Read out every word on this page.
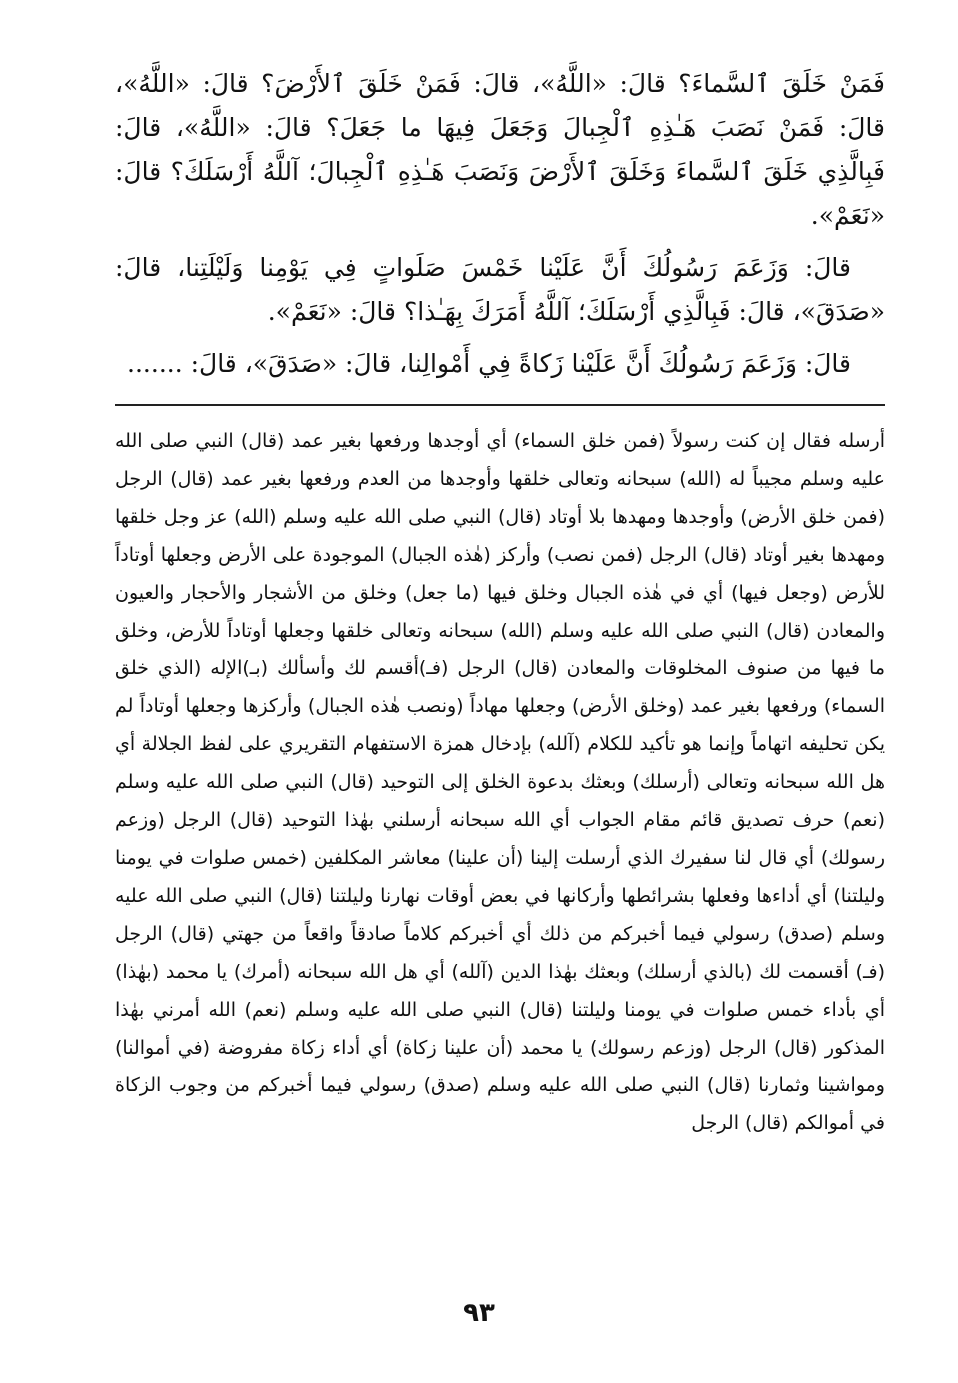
فَمَنْ خَلَقَ ٱلسَّماءَ؟ قالَ: «اللَّهُ»، قالَ: فَمَنْ خَلَقَ ٱلأَرْضَ؟ قالَ: «اللَّهُ»، قالَ: فَمَنْ نَصَبَ هَـٰذِهِ ٱلْجِبالَ وَجَعَلَ فِيهَا ما جَعَلَ؟ قالَ: «اللَّهُ»، قالَ: فَبِالَّذِي خَلَقَ ٱلسَّماءَ وَخَلَقَ ٱلأَرْضَ وَنَصَبَ هَـٰذِهِ ٱلْجِبالَ؛ آللَّهُ أَرْسَلَكَ؟ قالَ: «نَعَمْ».

قالَ: وَزَعَمَ رَسُولُكَ أَنَّ عَلَيْنا خَمْسَ صَلَواتٍ فِي يَوْمِنا وَلَيْلَتِنا، قالَ: «صَدَقَ»، قالَ: فَبِالَّذِي أَرْسَلَكَ؛ آللَّهُ أَمَرَكَ بِهَـٰذا؟ قالَ: «نَعَمْ».

قالَ: وَزَعَمَ رَسُولُكَ أَنَّ عَلَيْنا زَكاةً فِي أَمْوالِنا، قالَ: «صَدَقَ»، قالَ: .......

أرسله فقال إن كنت رسولاً (فمن خلق السماء) أي أوجدها ورفعها بغير عمد (قال) النبي صلى الله عليه وسلم مجيباً له (الله) سبحانه وتعالى خلقها وأوجدها من العدم ورفعها بغير عمد (قال) الرجل (فمن خلق الأرض) وأوجدها ومهدها بلا أوتاد (قال) النبي صلى الله عليه وسلم (الله) عز وجل خلقها ومهدها بغير أوتاد (قال) الرجل (فمن نصب) وأركز (هٰذه الجبال) الموجودة على الأرض وجعلها أوتاداً للأرض (وجعل فيها) أي في هٰذه الجبال وخلق فيها (ما جعل) وخلق من الأشجار والأحجار والعيون والمعادن (قال) النبي صلى الله عليه وسلم (الله) سبحانه وتعالى خلقها وجعلها أوتاداً للأرض، وخلق ما فيها من صنوف المخلوقات والمعادن (قال) الرجل (فـ)أقسم لك وأسألك (بـ)الإله (الذي خلق السماء) ورفعها بغير عمد (وخلق الأرض) وجعلها مهاداً (ونصب هٰذه الجبال) وأركزها وجعلها أوتاداً لم يكن تحليفه اتهاماً وإنما هو تأكيد للكلام (آلله) بإدخال همزة الاستفهام التقريري على لفظ الجلالة أي هل الله سبحانه وتعالى (أرسلك) وبعثك بدعوة الخلق إلى التوحيد (قال) النبي صلى الله عليه وسلم (نعم) حرف تصديق قائم مقام الجواب أي الله سبحانه أرسلني بهٰذا التوحيد (قال) الرجل (وزعم رسولك) أي قال لنا سفيرك الذي أرسلت إلينا (أن علينا) معاشر المكلفين (خمس صلوات في يومنا وليلتنا) أي أداءها وفعلها بشرائطها وأركانها في بعض أوقات نهارنا وليلتنا (قال) النبي صلى الله عليه وسلم (صدق) رسولي فيما أخبركم من ذلك أي أخبركم كلاماً صادقاً واقعاً من جهتي (قال) الرجل (فـ) أقسمت لك (بالذي أرسلك) وبعثك بهٰذا الدين (آلله) أي هل الله سبحانه (أمرك) يا محمد (بهٰذا) أي بأداء خمس صلوات في يومنا وليلتنا (قال) النبي صلى الله عليه وسلم (نعم) الله أمرني بهٰذا المذكور (قال) الرجل (وزعم رسولك) يا محمد (أن علينا زكاة) أي أداء زكاة مفروضة (في أموالنا) ومواشينا وثمارنا (قال) النبي صلى الله عليه وسلم (صدق) رسولي فيما أخبركم من وجوب الزكاة في أموالكم (قال) الرجل

٩٣
